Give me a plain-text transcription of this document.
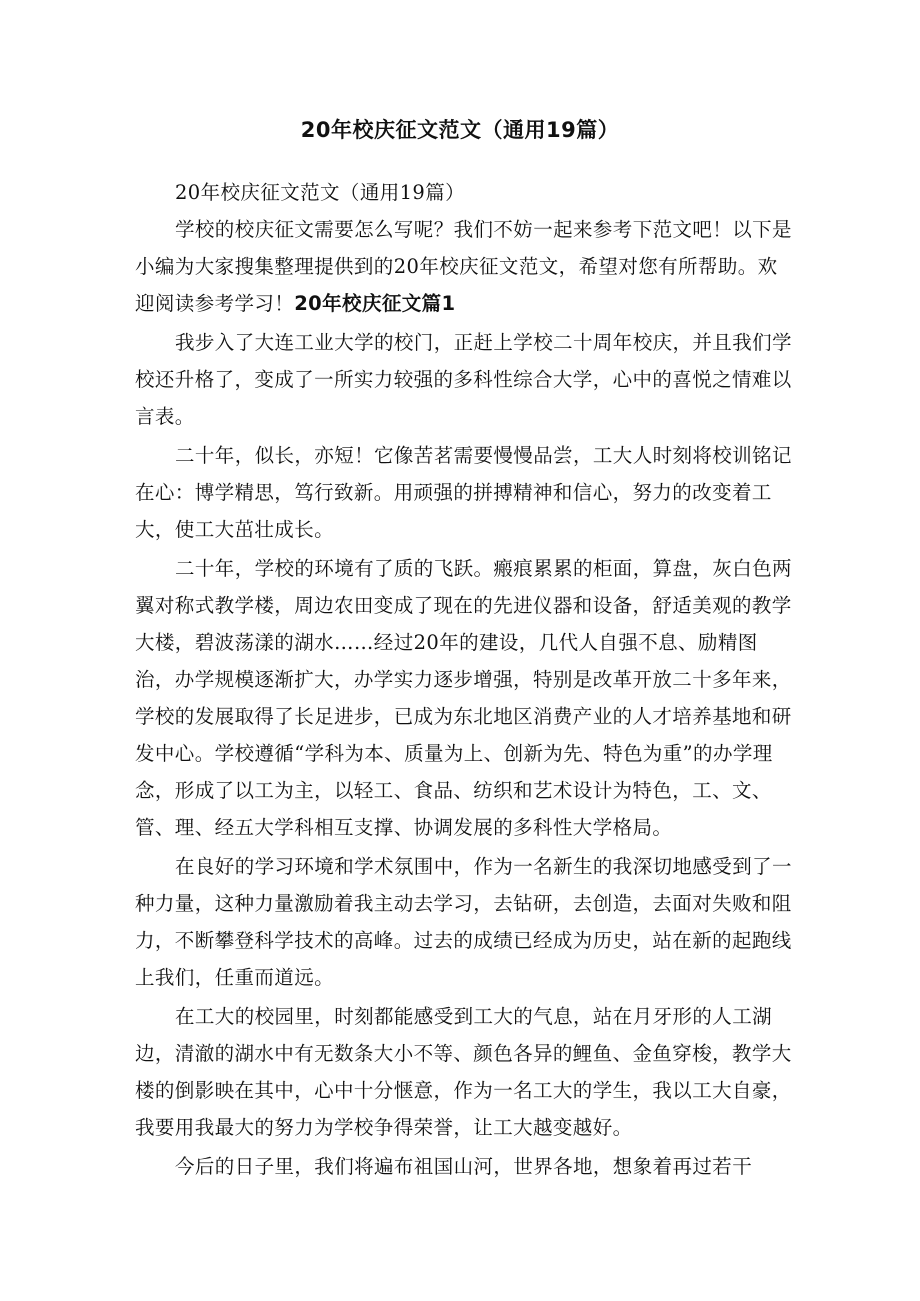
20年校庆征文范文（通用19篇）

20年校庆征文范文（通用19篇）

学校的校庆征文需要怎么写呢？我们不妨一起来参考下范文吧！以下是小编为大家搜集整理提供到的20年校庆征文范文，希望对您有所帮助。欢迎阅读参考学习！20年校庆征文篇1

我步入了大连工业大学的校门，正赶上学校二十周年校庆，并且我们学校还升格了，变成了一所实力较强的多科性综合大学，心中的喜悦之情难以言表。

二十年，似长，亦短！它像苦茗需要慢慢品尝，工大人时刻将校训铭记在心：博学精思，笃行致新。用顽强的拼搏精神和信心，努力的改变着工大，使工大茁壮成长。

二十年，学校的环境有了质的飞跃。瘢痕累累的柜面，算盘，灰白色两翼对称式教学楼，周边农田变成了现在的先进仪器和设备，舒适美观的教学大楼，碧波荡漾的湖水……经过20年的建设，几代人自强不息、励精图治，办学规模逐渐扩大，办学实力逐步增强，特别是改革开放二十多年来，学校的发展取得了长足进步，已成为东北地区消费产业的人才培养基地和研发中心。学校遵循“学科为本、质量为上、创新为先、特色为重”的办学理念，形成了以工为主，以轻工、食品、纺织和艺术设计为特色，工、文、管、理、经五大学科相互支撑、协调发展的多科性大学格局。

在良好的学习环境和学术氛围中，作为一名新生的我深切地感受到了一种力量，这种力量激励着我主动去学习，去钻研，去创造，去面对失败和阻力，不断攀登科学技术的高峰。过去的成绩已经成为历史，站在新的起跑线上我们，任重而道远。

在工大的校园里，时刻都能感受到工大的气息，站在月牙形的人工湖边，清澈的湖水中有无数条大小不等、颜色各异的鲤鱼、金鱼穿梭，教学大楼的倒影映在其中，心中十分惬意，作为一名工大的学生，我以工大自豪，我要用我最大的努力为学校争得荣誉，让工大越变越好。

今后的日子里，我们将遍布祖国山河，世界各地，想象着再过若干
